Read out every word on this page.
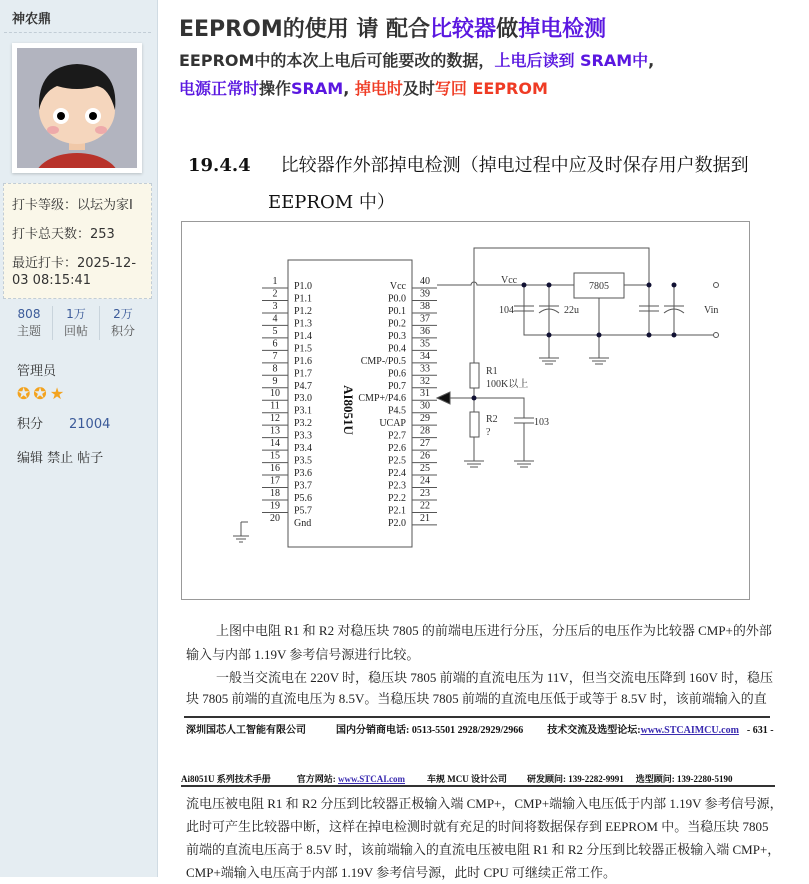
神农鼎
打卡等级：以坛为家I
打卡总天数：253
最近打卡：2025-12-
03 08:15:41
808
主题
1万
回帖
2万
积分
管理员
✪✪★
积分 21004
编辑 禁止 帖子
EEPROM的使用 请 配合比较器做掉电检测
EEPROM中的本次上电后可能要改的数据，上电后读到 SRAM中,
电源正常时操作SRAM, 掉电时及时写回 EEPROM
19.4.4 比较器作外部掉电检测（掉电过程中应及时保存用户数据到
EEPROM 中）
AI8051U
1 P1.0	40
Vcc
2 P1.1	39
P0.0
3 P1.2	38
P0.1
4 P1.3	37
P0.2
5 P1.4	36
P0.3
6 P1.5	35
P0.4
7 P1.6	34
CMP-/P0.5
8 P1.7	33
P0.6
9 P4.7	32
P0.7
10 P3.0	31
CMP+/P4.6
11 P3.1	30
P4.5
12 P3.2	29
UCAP
13 P3.3	28
P2.7
14 P3.4	27
P2.6
15 P3.5	26
P2.5
16 P3.6	25
P2.4
17 P3.7	24
P2.3
18 P5.6	23
P2.2
19 P5.7	22
P2.1
20 Gnd	21
P2.0
Vcc
7805
104	22u	Vin
R1
100K以上
R2
?
103
上图中电阻 R1 和 R2 对稳压块 7805 的前端电压进行分压，分压后的电压作为比较器 CMP+的外部
输入与内部 1.19V 参考信号源进行比较。
一般当交流电在 220V 时，稳压块 7805 前端的直流电压为 11V，但当交流电压降到 160V 时，稳压
块 7805 前端的直流电压为 8.5V。当稳压块 7805 前端的直流电压低于或等于 8.5V 时，该前端输入的直
深圳国芯人工智能有限公司	国内分销商电话: 0513-5501 2928/2929/2966 技术交流及选型论坛:www.STCAIMCU.com - 631 -
Ai8051U 系列技术手册	官方网站: www.STCAI.com 车规 MCU 设计公司 研发顾问: 139-2282-9991 选型顾问: 139-2280-5190
流电压被电阻 R1 和 R2 分压到比较器正极输入端 CMP+，CMP+端输入电压低于内部 1.19V 参考信号源，
此时可产生比较器中断，这样在掉电检测时就有充足的时间将数据保存到 EEPROM 中。当稳压块 7805
前端的直流电压高于 8.5V 时，该前端输入的直流电压被电阻 R1 和 R2 分压到比较器正极输入端 CMP+，
CMP+端输入电压高于内部 1.19V 参考信号源，此时 CPU 可继续正常工作。
